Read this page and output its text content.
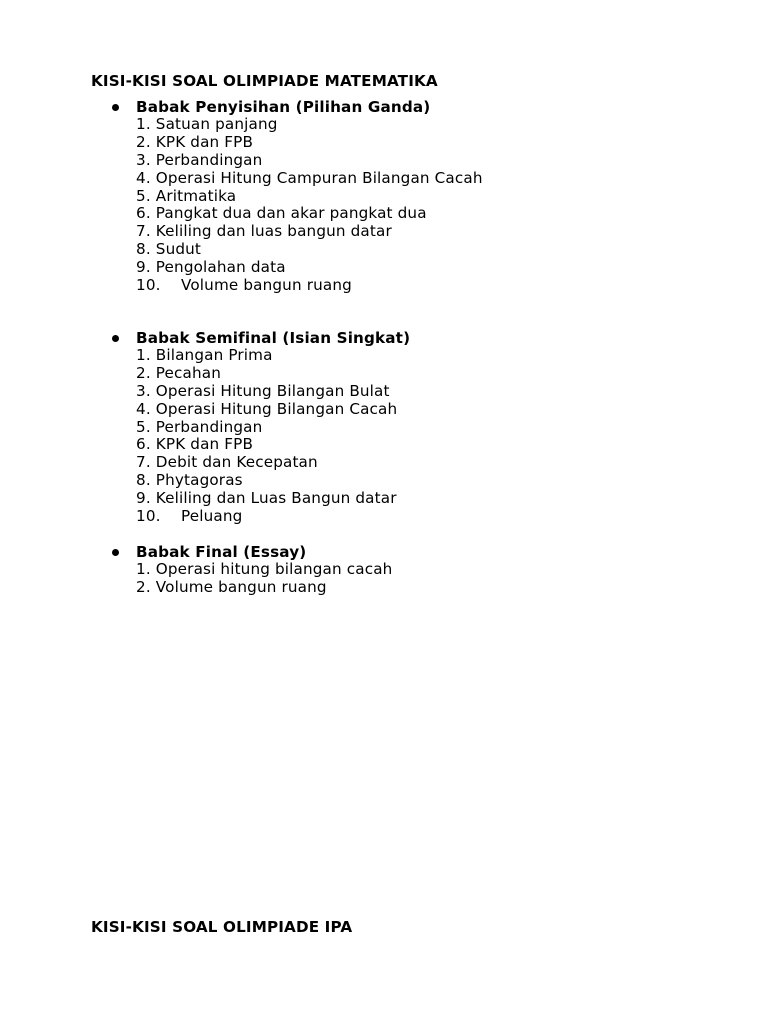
KISI-KISI SOAL OLIMPIADE MATEMATIKA
Babak Penyisihan (Pilihan Ganda)
1. Satuan panjang
2. KPK dan FPB
3. Perbandingan
4. Operasi Hitung Campuran Bilangan Cacah
5. Aritmatika
6. Pangkat dua dan akar pangkat dua
7. Keliling dan luas bangun datar
8. Sudut
9. Pengolahan data
10. Volume bangun ruang
Babak Semifinal (Isian Singkat)
1. Bilangan Prima
2. Pecahan
3. Operasi Hitung Bilangan Bulat
4. Operasi Hitung Bilangan Cacah
5. Perbandingan
6. KPK dan FPB
7. Debit dan Kecepatan
8. Phytagoras
9. Keliling dan Luas Bangun datar
10. Peluang
Babak Final (Essay)
1. Operasi hitung bilangan cacah
2. Volume bangun ruang
KISI-KISI SOAL OLIMPIADE IPA
